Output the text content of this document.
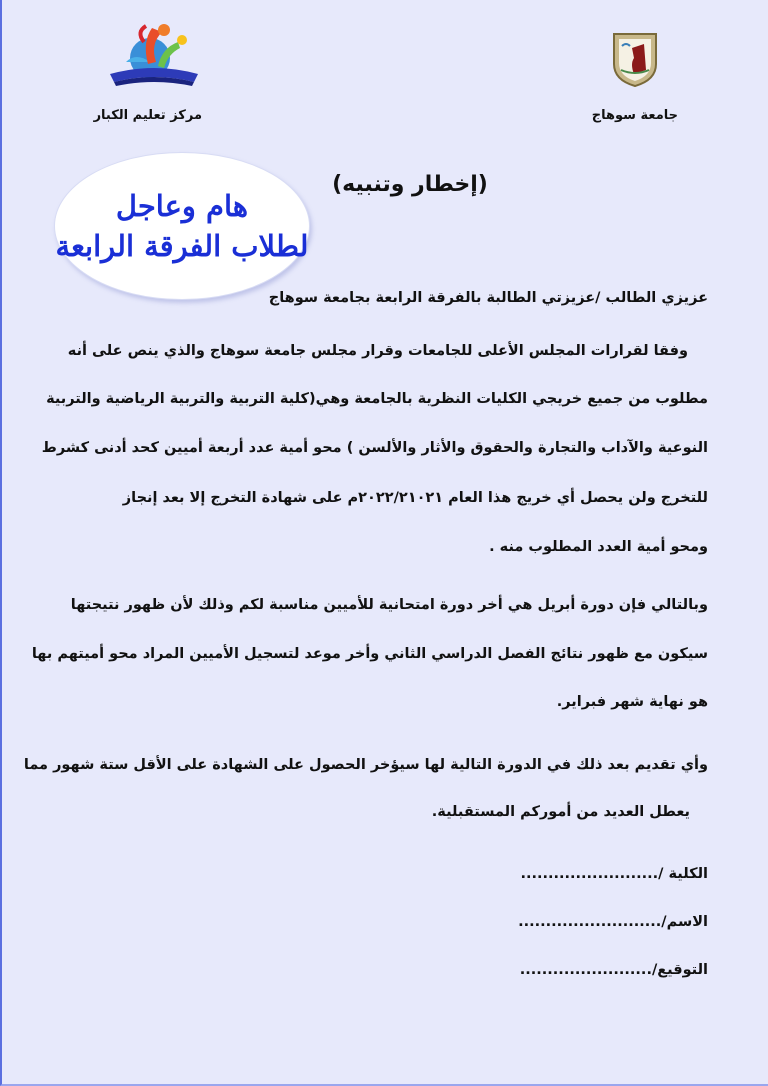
مركز تعليم الكبار	جامعة سوهاج
هام وعاجل
لطلاب الفرقة الرابعة
(إخطار وتنبيه)
عزيزي الطالب /عزيزتي الطالبة بالفرقة الرابعة بجامعة سوهاج
وفقا لقرارات المجلس الأعلى للجامعات وقرار مجلس جامعة سوهاج والذي ينص على أنه
مطلوب من جميع خريجي الكليات النظرية بالجامعة وهي(كلية التربية والتربية الرياضية والتربية
النوعية والآداب والتجارة والحقوق والأثار والألسن ) محو أمية عدد أربعة أميين كحد أدنى كشرط
للتخرج ولن يحصل أي خريج هذا العام ٢٠٢٢/٢١٠٢١م على شهادة التخرج إلا بعد إنجاز
ومحو أمية العدد المطلوب منه .
وبالتالي فإن دورة أبريل هي أخر دورة امتحانية للأميين مناسبة لكم وذلك لأن ظهور نتيجتها
سيكون مع ظهور نتائج الفصل الدراسي الثاني وأخر موعد لتسجيل الأميين المراد محو أميتهم بها
هو نهاية شهر فبراير.
وأي تقديم بعد ذلك في الدورة التالية لها سيؤخر الحصول على الشهادة على الأقل ستة شهور مما
يعطل العديد من أموركم المستقبلية.
الكلية /.........................
الاسم/..........................
التوقيع/........................
